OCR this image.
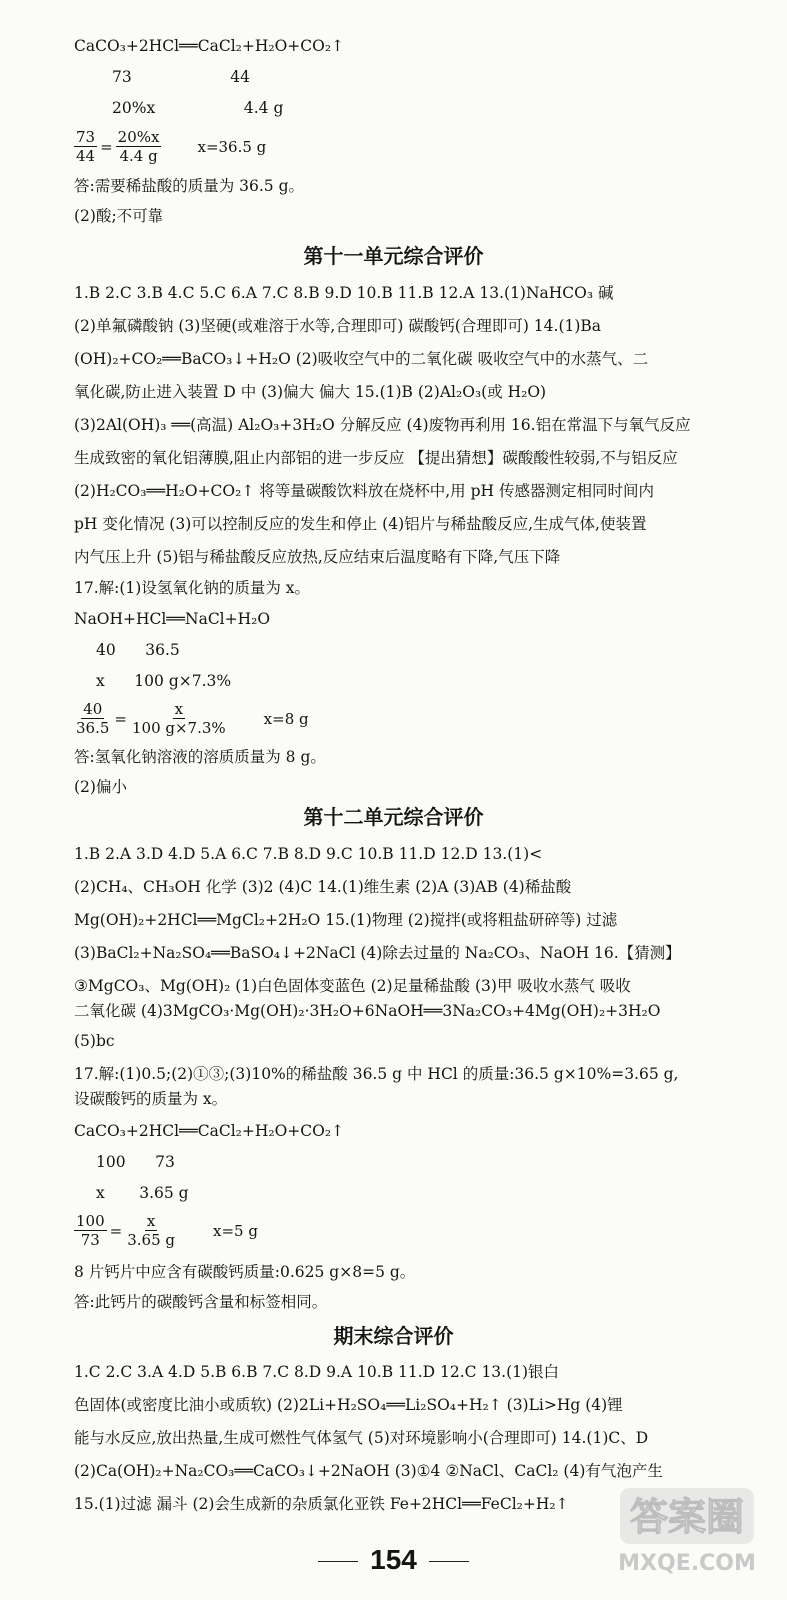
CaCO₃+2HCl══CaCl₂+H₂O+CO₂↑
73                    44
20%x                  4.4 g
$\frac{73}{44} = \frac{20\%x}{4.4 g} x=36.5$ g
答:需要稀盐酸的质量为 36.5 g。
(2)酸;不可靠
第十一单元综合评价
1.B 2.C 3.B 4.C 5.C 6.A 7.C 8.B 9.D 10.B 11.B 12.A 13.(1)NaHCO₃ 碱
(2)单氟磷酸钠 (3)坚硬(或难溶于水等,合理即可) 碳酸钙(合理即可) 14.(1)Ba
(OH)₂+CO₂══BaCO₃↓+H₂O (2)吸收空气中的二氧化碳 吸收空气中的水蒸气、二
氧化碳,防止进入装置 D 中 (3)偏大 偏大 15.(1)B (2)Al₂O₃(或 H₂O)
(3)2Al(OH)₃ ══(高温) Al₂O₃+3H₂O 分解反应 (4)废物再利用 16.铝在常温下与氧气反应
生成致密的氧化铝薄膜,阻止内部铝的进一步反应 【提出猜想】碳酸酸性较弱,不与铝反应
(2)H₂CO₃══H₂O+CO₂↑ 将等量碳酸饮料放在烧杯中,用 pH 传感器测定相同时间内
pH 变化情况 (3)可以控制反应的发生和停止 (4)铝片与稀盐酸反应,生成气体,使装置
内气压上升 (5)铝与稀盐酸反应放热,反应结束后温度略有下降,气压下降
17.解:(1)设氢氧化钠的质量为 x。
NaOH+HCl══NaCl+H₂O
40      36.5
x      100 g×7.3%
$\frac{40}{36.5} = \frac{x}{100 g\times 7.3\%} x=8$ g
答:氢氧化钠溶液的溶质质量为 8 g。
(2)偏小
第十二单元综合评价
1.B 2.A 3.D 4.D 5.A 6.C 7.B 8.D 9.C 10.B 11.D 12.D 13.(1)<
(2)CH₄、CH₃OH 化学 (3)2 (4)C 14.(1)维生素 (2)A (3)AB (4)稀盐酸
Mg(OH)₂+2HCl══MgCl₂+2H₂O 15.(1)物理 (2)搅拌(或将粗盐研碎等) 过滤
(3)BaCl₂+Na₂SO₄══BaSO₄↓+2NaCl (4)除去过量的 Na₂CO₃、NaOH 16.【猜测】
③MgCO₃、Mg(OH)₂ (1)白色固体变蓝色 (2)足量稀盐酸 (3)甲 吸收水蒸气 吸收
二氧化碳 (4)3MgCO₃·Mg(OH)₂·3H₂O+6NaOH══3Na₂CO₃+4Mg(OH)₂+3H₂O
(5)bc
17.解:(1)0.5;(2)①③;(3)10%的稀盐酸 36.5 g 中 HCl 的质量:36.5 g×10%=3.65 g,
设碳酸钙的质量为 x。
CaCO₃+2HCl══CaCl₂+H₂O+CO₂↑
100      73
x       3.65 g
$\frac{100}{73} = \frac{x}{3.65 g} x=5$ g
8 片钙片中应含有碳酸钙质量:0.625 g×8=5 g。
答:此钙片的碳酸钙含量和标签相同。
期末综合评价
1.C 2.C 3.A 4.D 5.B 6.B 7.C 8.D 9.A 10.B 11.D 12.C 13.(1)银白
色固体(或密度比油小或质软) (2)2Li+H₂SO₄══Li₂SO₄+H₂↑ (3)Li>Hg (4)锂
能与水反应,放出热量,生成可燃性气体氢气 (5)对环境影响小(合理即可) 14.(1)C、D
(2)Ca(OH)₂+Na₂CO₃══CaCO₃↓+2NaOH (3)①4 ②NaCl、CaCl₂ (4)有气泡产生
15.(1)过滤 漏斗 (2)会生成新的杂质氯化亚铁 Fe+2HCl══FeCl₂+H₂↑
154
答案圈
MXQE.COM
